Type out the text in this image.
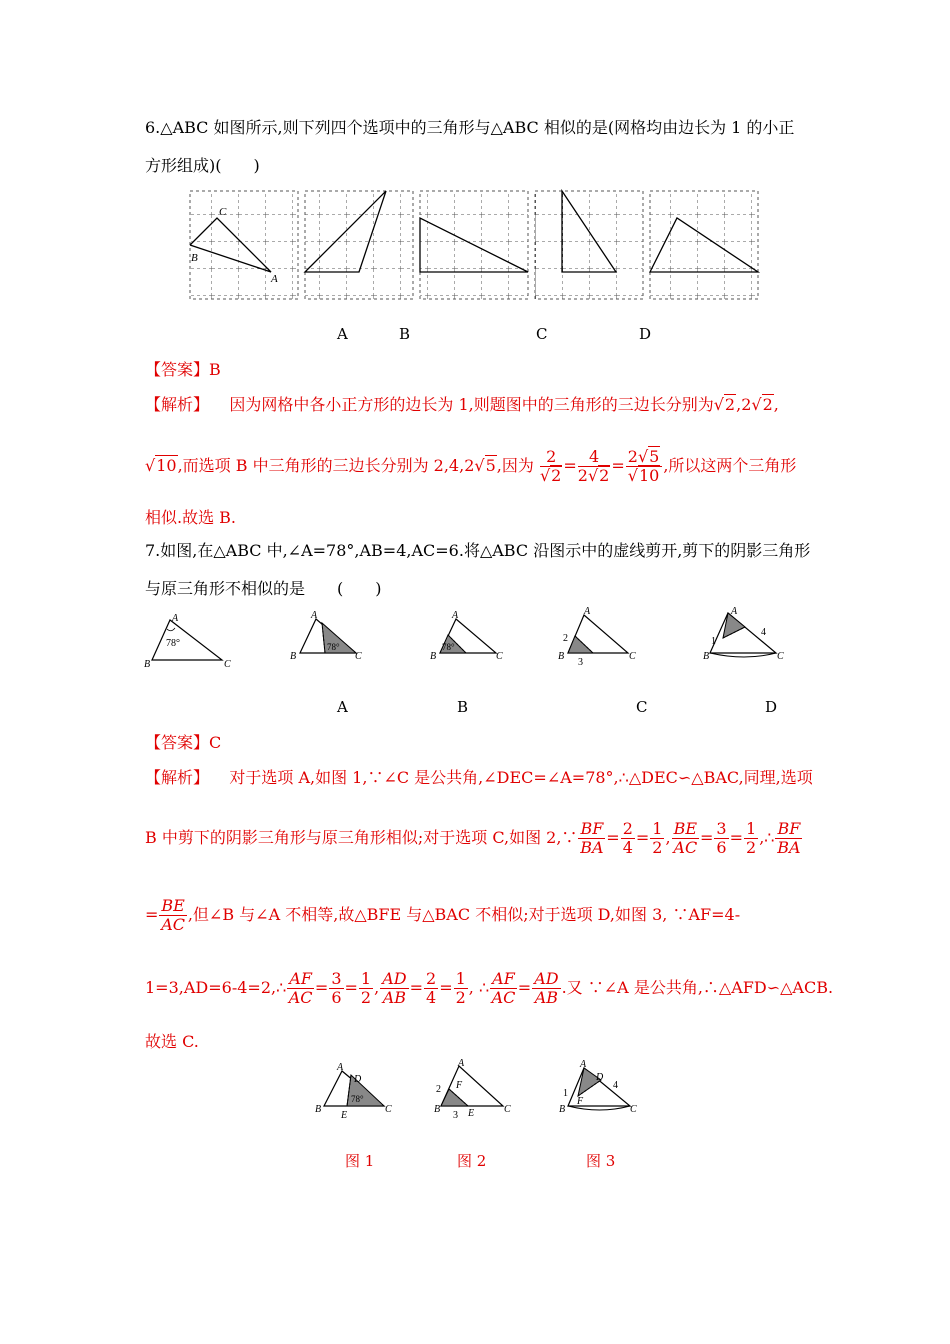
6.△ABC 如图所示,则下列四个选项中的三角形与△ABC 相似的是(网格均由边长为 1 的小正
方形组成)(　　)
C
B
A
A	B	C	D
【答案】B
【解析】 因为网格中各小正方形的边长为 1,则题图中的三角形的三边长分别为√2,2√2,
√10,而选项 B 中三角形的三边长分别为 2,4,2√5,因为 $\frac{2}{√2} = \frac{4}{2√2} = \frac{2√5}{√10}$ ,所以这两个三角形
相似.故选 B.
7.如图,在△ABC 中,∠A=78°,AB=4,AC=6.将△ABC 沿图示中的虚线剪开,剪下的阴影三角形
与原三角形不相似的是　　(　　)
A
B	C
78°
A
B	C
78°
A
B	C
78°
A
B	C
2
3
A
B	C
1
4
A	B	C	D
【答案】C
【解析】 对于选项 A,如图 1,∵∠C 是公共角,∠DEC=∠A=78°,∴△DEC∽△BAC,同理,选项
B 中剪下的阴影三角形与原三角形相似;对于选项 C,如图 2,∵ $\frac{BF}{BA} = \frac{2}{4} = \frac{1}{2}$ , $\frac{BE}{AC} = \frac{3}{6} = \frac{1}{2}$ ,∴ $\frac{BF}{BA}$
= $\frac{BE}{AC}$ ,但∠B 与∠A 不相等,故△BFE 与△BAC 不相似;对于选项 D,如图 3, ∵AF=4-
1=3,AD=6-4=2,∴ $\frac{AF}{AC} = \frac{3}{6} = \frac{1}{2}$ , $\frac{AD}{AB} = \frac{2}{4} = \frac{1}{2}$ , ∴ $\frac{AF}{AC} = \frac{AD}{AB}$ .又 ∵∠A 是公共角,∴△AFD∽△ACB.
故选 C.
A
D
B
E
C
78°
A
F
2
B
3 E	C
A
D
1
F
4
B	C
图 1	图 2	图 3
